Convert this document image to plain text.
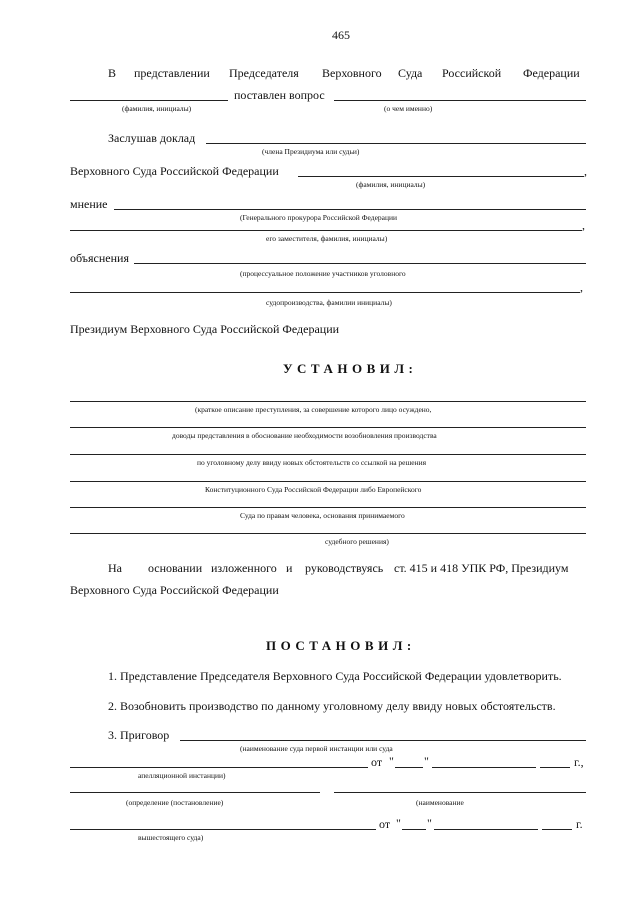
465
В представлении Председателя Верховного Суда Российской Федерации
поставлен вопрос
(фамилия, инициалы)	(о чем именно)
Заслушав доклад
(члена Президиума или судьи)
Верховного Суда Российской Федерации	,
(фамилия, инициалы)
мнение
(Генерального прокурора Российской Федерации
,
его заместителя, фамилия, инициалы)
объяснения
(процессуальное положение участников уголовного
,
судопроизводства, фамилии инициалы)
Президиум Верховного Суда Российской Федерации
УСТАНОВИЛ:
(краткое описание преступления, за совершение которого лицо осуждено,
доводы представления в обоснование необходимости возобновления производства
по уголовному делу ввиду новых обстоятельств со ссылкой на решения
Конституционного Суда Российской Федерации либо Европейского
Суда по правам человека, основания принимаемого
судебного решения)
На основании изложенного и руководствуясь ст. 415 и 418 УПК РФ, Президиум
Верховного Суда Российской Федерации
ПОСТАНОВИЛ:
1. Представление Председателя Верховного Суда Российской Федерации удовлетворить.
2. Возобновить производство по данному уголовному делу ввиду новых обстоятельств.
3. Приговор
(наименование суда первой инстанции или суда
от "	"	г.,
апелляционной инстанции)
(определение (постановление)	(наименование
от " "	г.
вышестоящего суда)
